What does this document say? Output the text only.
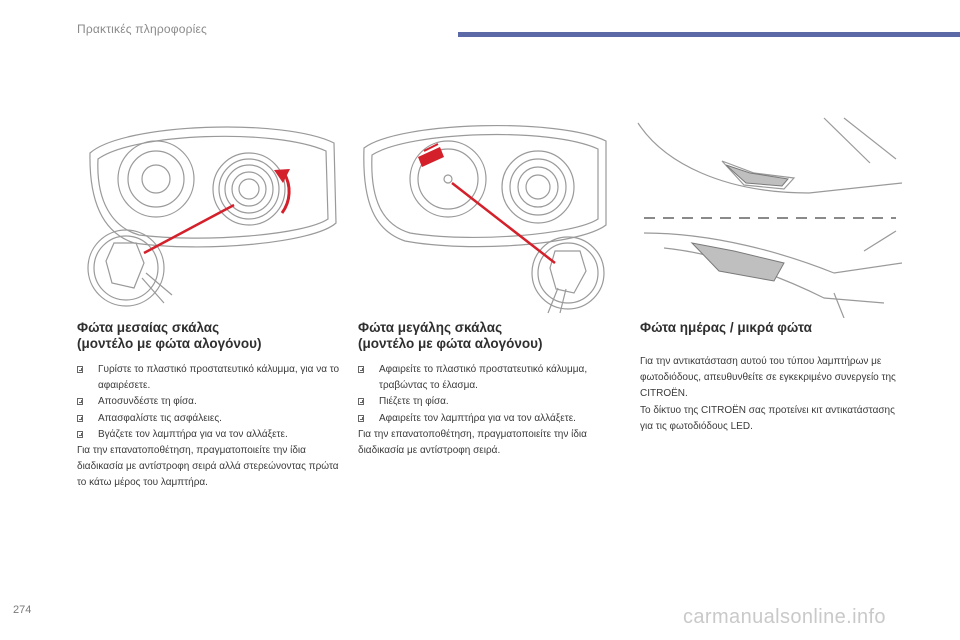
Πρακτικές πληροφορίες
Φώτα μεσαίας σκάλας
(μοντέλο με φώτα αλογόνου)
Γυρίστε το πλαστικό προστατευτικό κάλυμμα, για να το αφαιρέσετε.
Αποσυνδέστε τη φίσα.
Απασφαλίστε τις ασφάλειες.
Βγάζετε τον λαμπτήρα για να τον αλλάξετε.

Για την επανατοποθέτηση, πραγματοποιείτε την ίδια διαδικασία με αντίστροφη σειρά αλλά στερεώνοντας πρώτα το κάτω μέρος του λαμπτήρα.

Φώτα μεγάλης σκάλας
(μοντέλο με φώτα αλογόνου)
Αφαιρείτε το πλαστικό προστατευτικό κάλυμμα, τραβώντας το έλασμα.
Πιέζετε τη φίσα.
Αφαιρείτε τον λαμπτήρα για να τον αλλάξετε.

Για την επανατοποθέτηση, πραγματοποιείτε την ίδια διαδικασία με αντίστροφη σειρά.

Φώτα ημέρας / μικρά φώτα

Για την αντικατάσταση αυτού του τύπου λαμπτήρων με φωτοδιόδους, απευθυνθείτε σε εγκεκριμένο συνεργείο της CITROËN.

Το δίκτυο της CITROËN σας προτείνει κιτ αντικατάστασης για τις φωτοδιόδους LED.

274	carmanualsonline.info
